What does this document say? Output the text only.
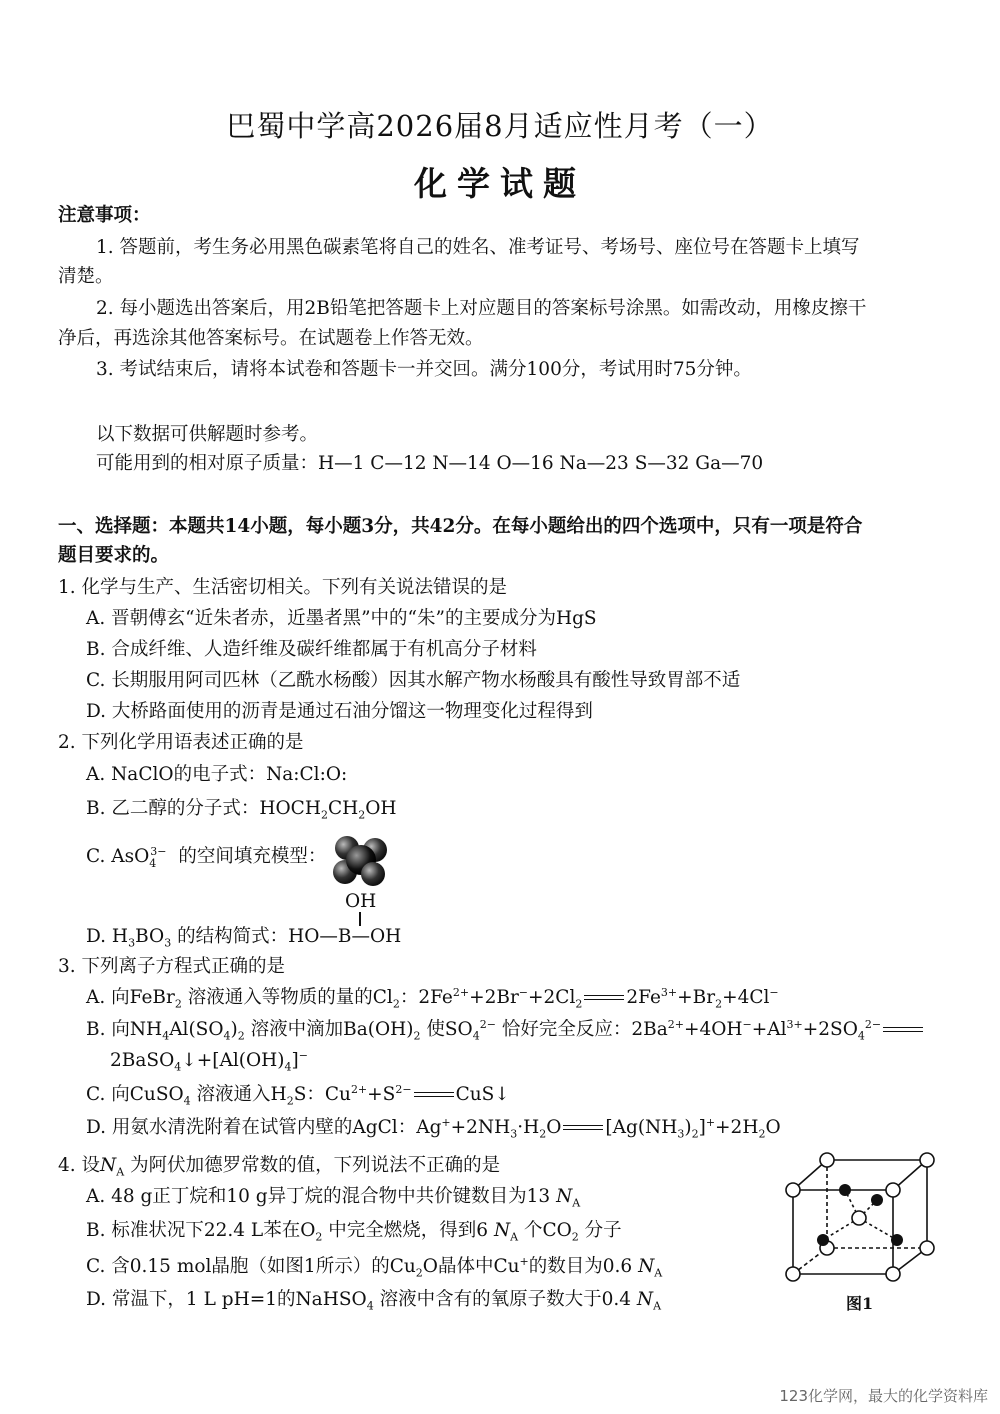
巴蜀中学高2026届8月适应性月考（一）
化学试题
注意事项：
1. 答题前，考生务必用黑色碳素笔将自己的姓名、准考证号、考场号、座位号在答题卡上填写
清楚。
2. 每小题选出答案后，用2B铅笔把答题卡上对应题目的答案标号涂黑。如需改动，用橡皮擦干
净后，再选涂其他答案标号。在试题卷上作答无效。
3. 考试结束后，请将本试卷和答题卡一并交回。满分100分，考试用时75分钟。
以下数据可供解题时参考。
可能用到的相对原子质量：H—1 C—12 N—14 O—16 Na—23 S—32 Ga—70
一、选择题：本题共14小题，每小题3分，共42分。在每小题给出的四个选项中，只有一项是符合
题目要求的。
1. 化学与生产、生活密切相关。下列有关说法错误的是
A. 晋朝傅玄“近朱者赤，近墨者黑”中的“朱”的主要成分为HgS
B. 合成纤维、人造纤维及碳纤维都属于有机高分子材料
C. 长期服用阿司匹林（乙酰水杨酸）因其水解产物水杨酸具有酸性导致胃部不适
D. 大桥路面使用的沥青是通过石油分馏这一物理变化过程得到
2. 下列化学用语表述正确的是
A. NaClO的电子式：Na:Cl:O:
B. 乙二醇的分子式：$HOCH_2CH_2OH$
C. AsO$_4^{3-}$ 的空间填充模型：
OH
D. $H_3BO_3$ 的结构简式：HO—B—OH
3. 下列离子方程式正确的是
A. 向FeBr$_2$ 溶液通入等物质的量的$Cl_2$：$2Fe^{2+}+2Br^-+2Cl_2$ $2Fe^{3+}+Br_2+4Cl^-$
B. 向$NH_4Al(SO_4)_2$ 溶液中滴加$Ba(OH)_2$ 使$SO_4^{2-}$ 恰好完全反应：$2Ba^{2+}+4OH^-+Al^{3+}+2SO_4^{2-}$
$2BaSO_4↓+[Al(OH)_4]^-$
C. 向CuSO$_4$ 溶液通入$H_2S$：$Cu^{2+}+S^{2-}$ CuS↓
D. 用氨水清洗附着在试管内壁的AgCl：$Ag^++2NH_3\cdot H_2O$ $[Ag(NH_3)_2]^++2H_2O$
4. 设$N_A$ 为阿伏加德罗常数的值，下列说法不正确的是
A. 48 g正丁烷和10 g异丁烷的混合物中共价键数目为13 $N_A$
B. 标准状况下22.4 L苯在$O_2$ 中完全燃烧，得到6 $N_A$ 个$CO_2$ 分子
C. 含0.15 mol晶胞（如图1所示）的$Cu_2O$晶体中Cu+的数目为0.6 $N_A$
D. 常温下，1 L pH=1的NaHSO$_4$ 溶液中含有的氧原子数大于0.4 $N_A$	图1
123化学网，最大的化学资料库
